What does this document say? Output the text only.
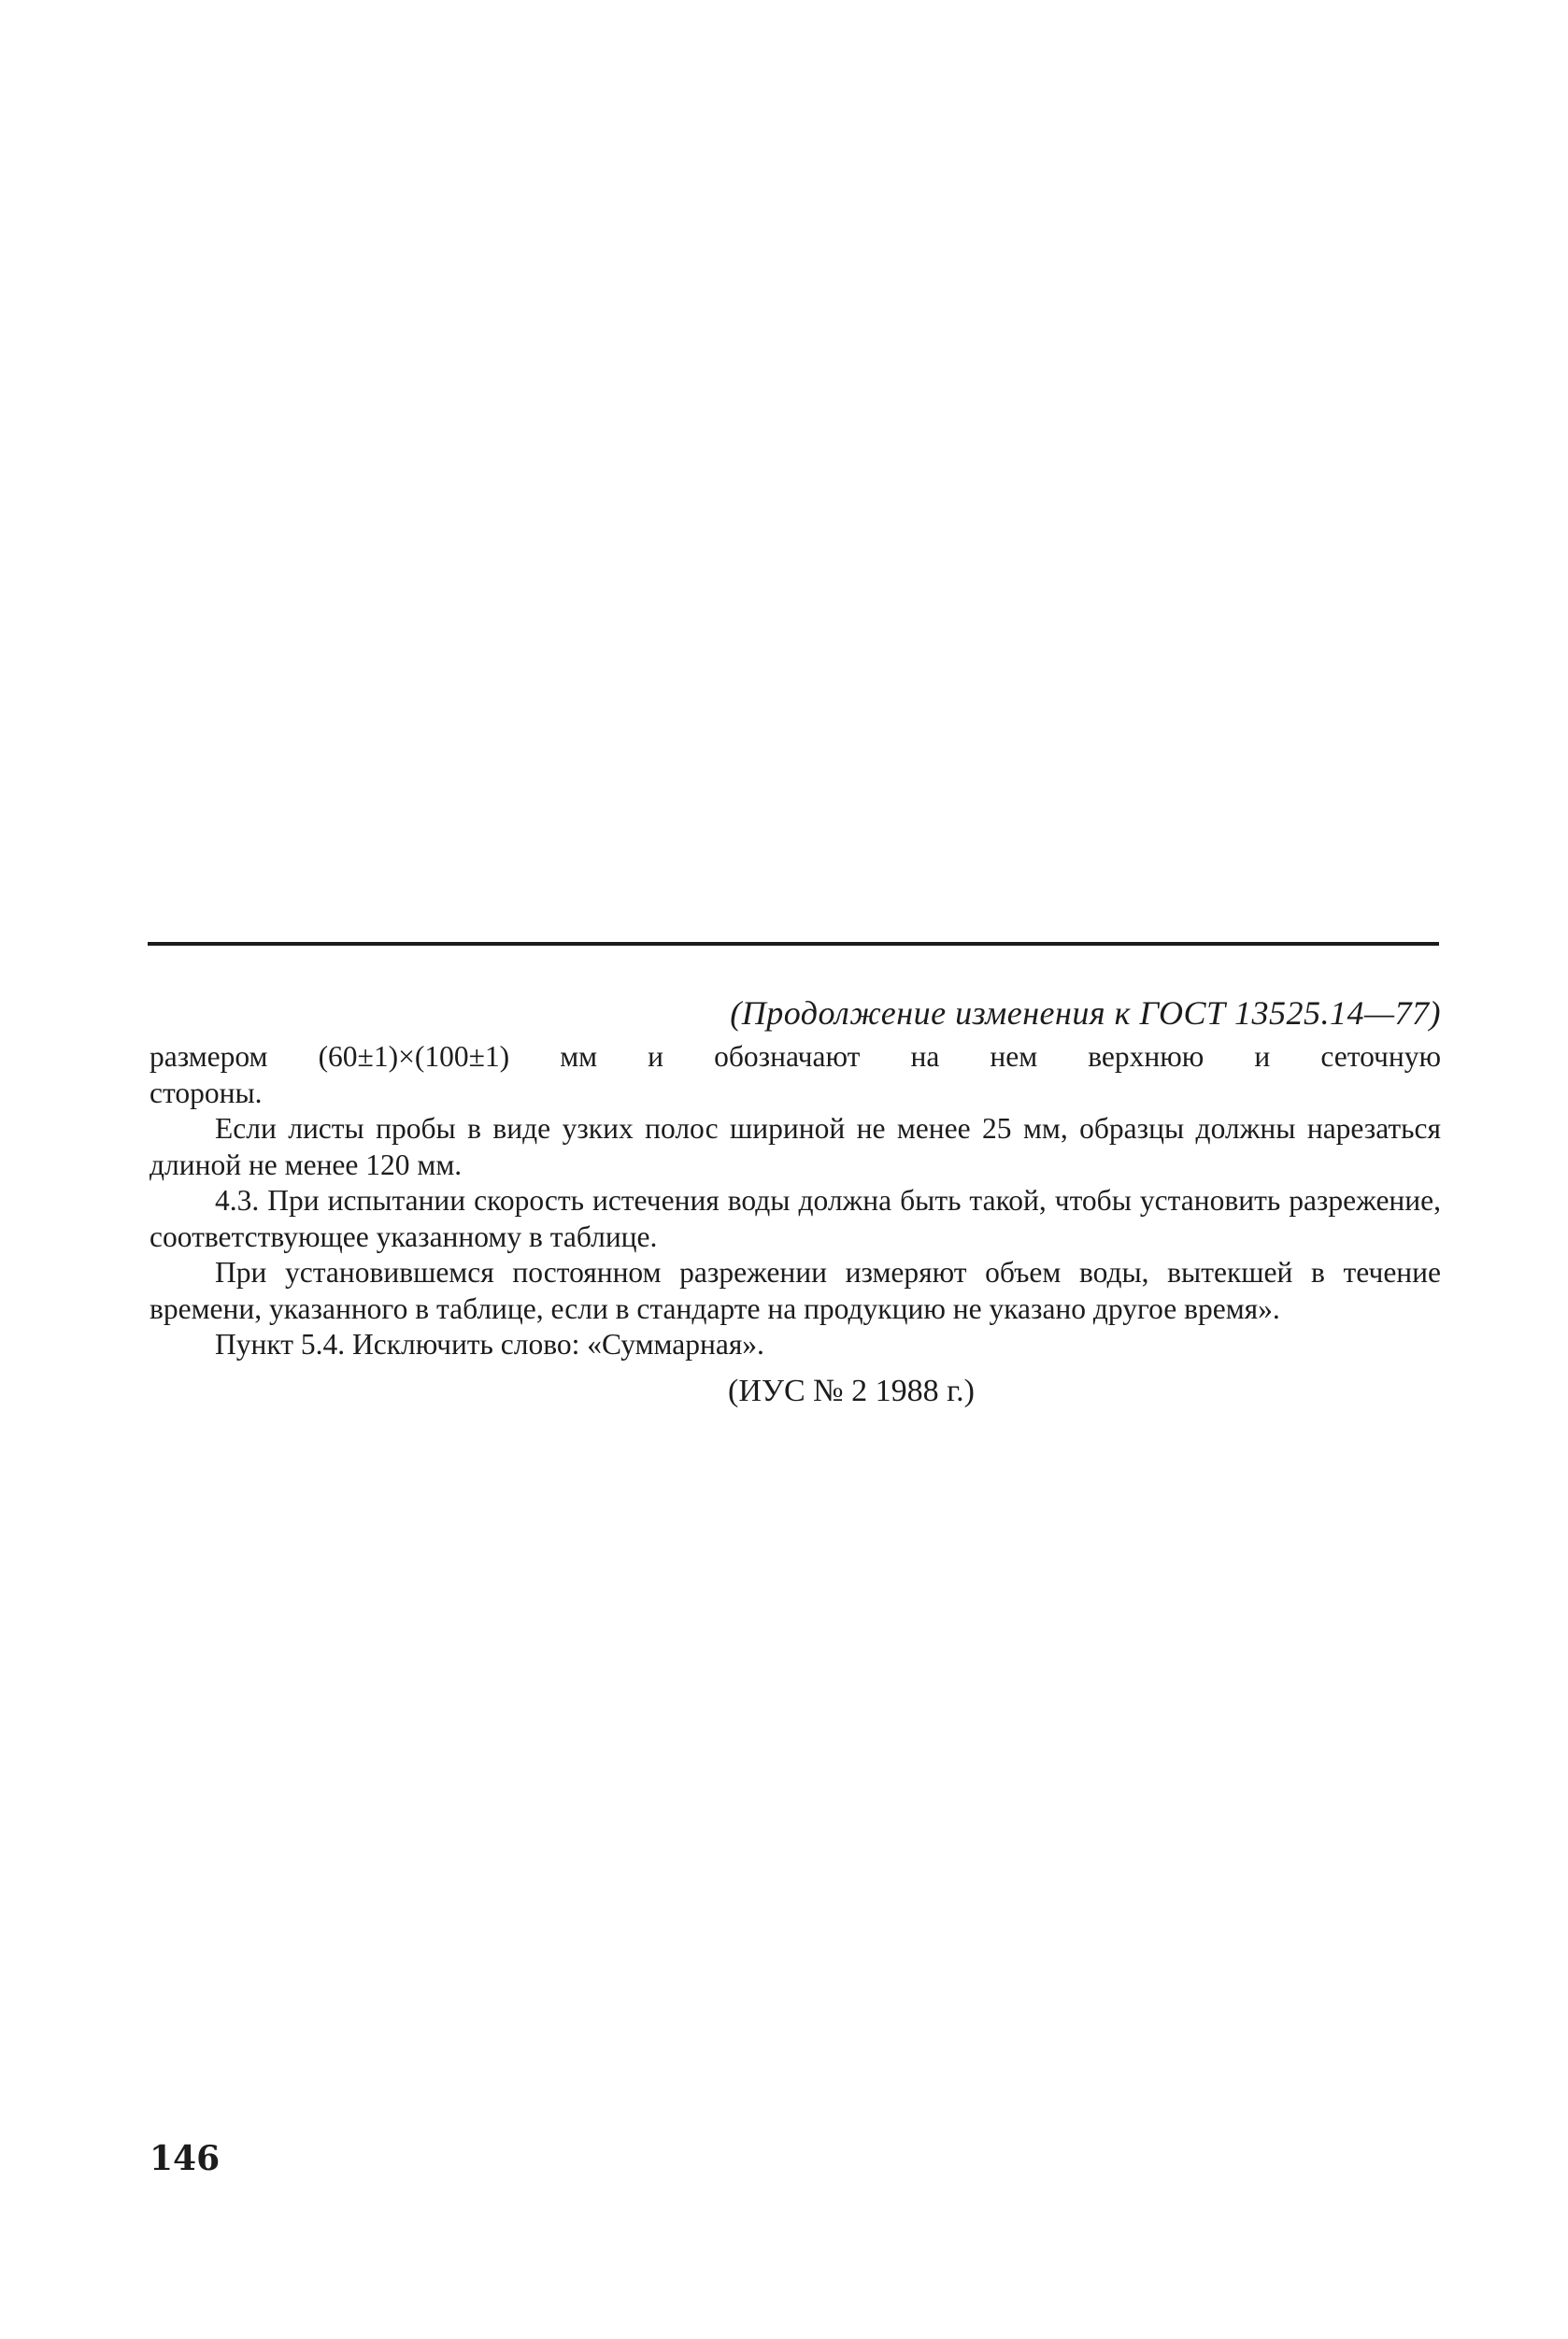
(Продолжение изменения к ГОСТ 13525.14—77)

размером (60±1)×(100±1) мм и обозначают на нем верхнюю и сеточную

стороны.

Если листы пробы в виде узких полос шириной не менее 25 мм, образцы должны нарезаться длиной не менее 120 мм.

4.3. При испытании скорость истечения воды должна быть такой, чтобы установить разрежение, соответствующее указанному в таблице.

При установившемся постоянном разрежении измеряют объем воды, вытекшей в течение времени, указанного в таблице, если в стандарте на продукцию не указано другое время».

Пункт 5.4. Исключить слово: «Суммарная».

(ИУС № 2 1988 г.)
146
